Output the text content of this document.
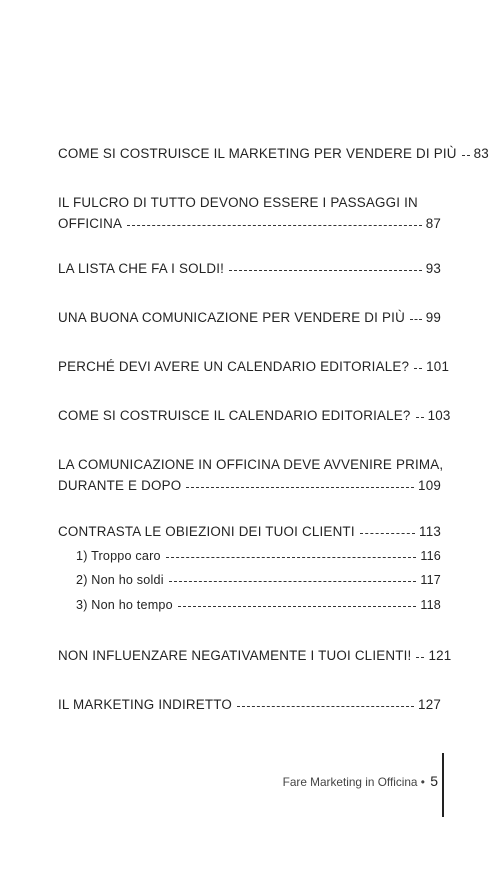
COME SI COSTRUISCE IL MARKETING PER VENDERE DI PIÙ 83
IL FULCRO DI TUTTO DEVONO ESSERE I PASSAGGI IN
OFFICINA	87
LA LISTA CHE FA I SOLDI!	93
UNA BUONA COMUNICAZIONE PER VENDERE DI PIÙ 99
PERCHÉ DEVI AVERE UN CALENDARIO EDITORIALE? 101
COME SI COSTRUISCE IL CALENDARIO EDITORIALE? 103
LA COMUNICAZIONE IN OFFICINA DEVE AVVENIRE PRIMA,
DURANTE E DOPO	109
CONTRASTA LE OBIEZIONI DEI TUOI CLIENTI	113
1) Troppo caro	116
2) Non ho soldi	117
3) Non ho tempo	118
NON INFLUENZARE NEGATIVAMENTE I TUOI CLIENTI! 121
IL MARKETING INDIRETTO	127
Fare Marketing in Officina • 5
